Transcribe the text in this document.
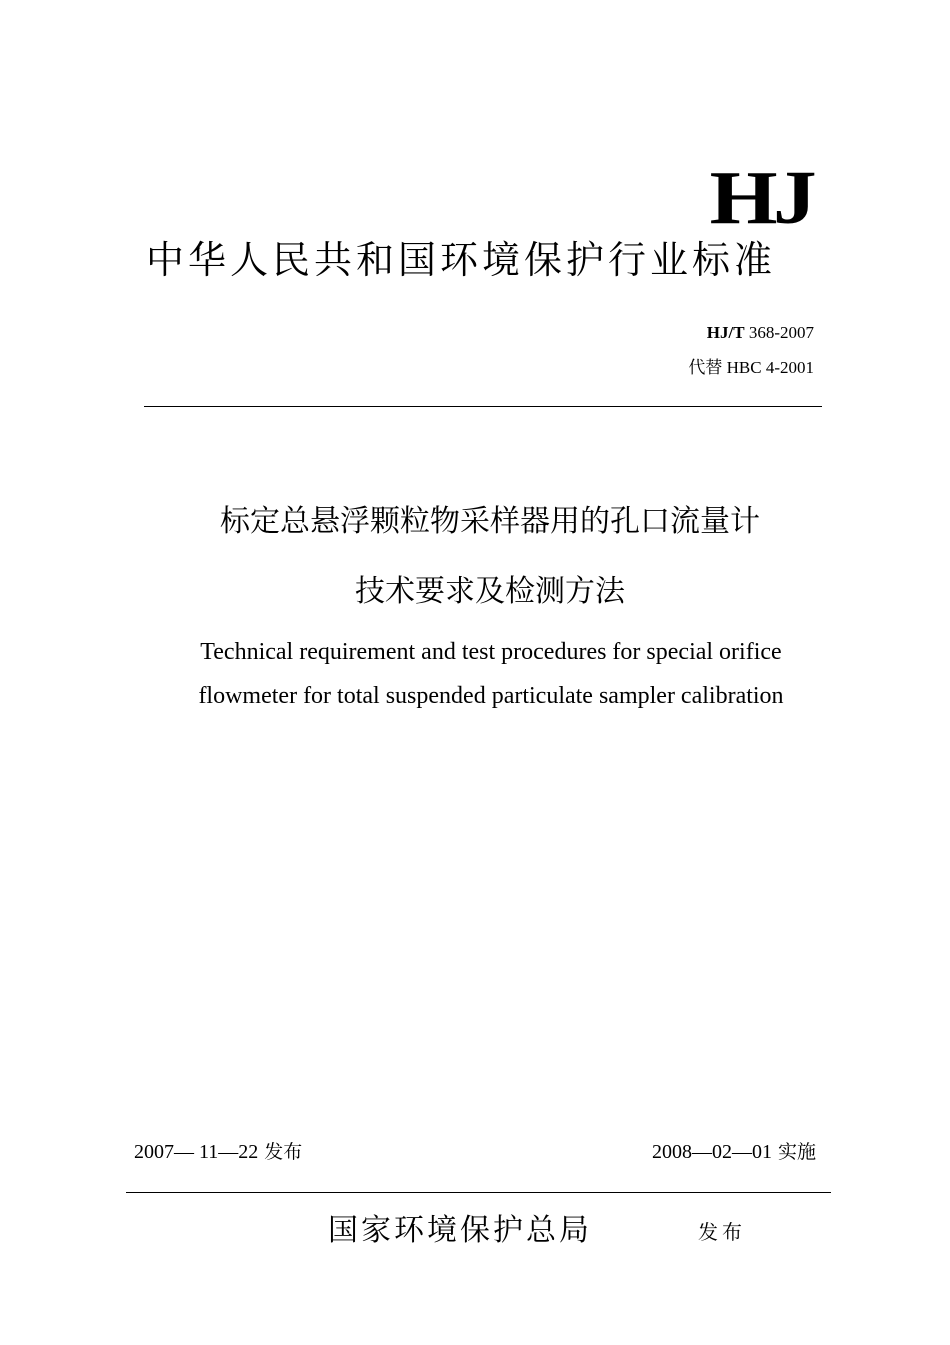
HJ
中华人民共和国环境保护行业标准
HJ/T 368-2007
代替 HBC 4-2001
标定总悬浮颗粒物采样器用的孔口流量计
技术要求及检测方法
Technical requirement and test procedures for special orifice
flowmeter for total suspended particulate sampler calibration
2007— 11—22 发布	2008—02—01 实施
国家环境保护总局	发布
